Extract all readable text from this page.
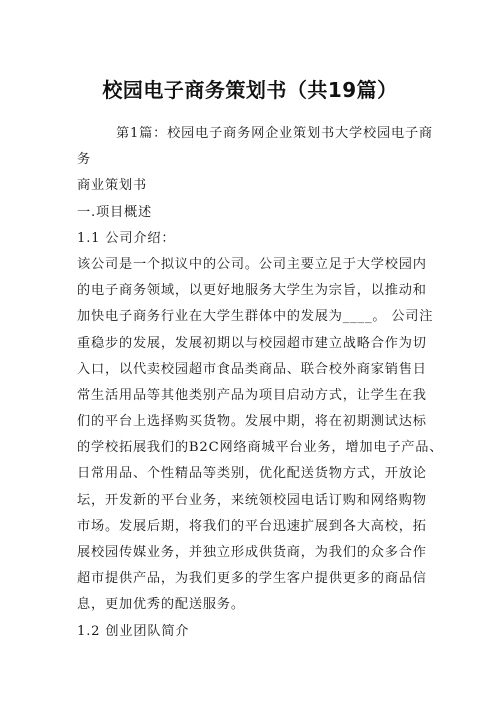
校园电子商务策划书（共19篇）
第1篇：校园电子商务网企业策划书大学校园电子商
务
商业策划书
一.项目概述
1.1 公司介绍：
该公司是一个拟议中的公司。公司主要立足于大学校园内
的电子商务领域，以更好地服务大学生为宗旨，以推动和
加快电子商务行业在大学生群体中的发展为____。 公司注
重稳步的发展，发展初期以与校园超市建立战略合作为切
入口，以代卖校园超市食品类商品、联合校外商家销售日
常生活用品等其他类别产品为项目启动方式，让学生在我
们的平台上选择购买货物。发展中期，将在初期测试达标
的学校拓展我们的B2C网络商城平台业务，增加电子产品、
日常用品、个性精品等类别，优化配送货物方式，开放论
坛，开发新的平台业务，来统领校园电话订购和网络购物
市场。发展后期，将我们的平台迅速扩展到各大高校，拓
展校园传媒业务，并独立形成供货商，为我们的众多合作
超市提供产品，为我们更多的学生客户提供更多的商品信
息，更加优秀的配送服务。
1.2 创业团队简介
